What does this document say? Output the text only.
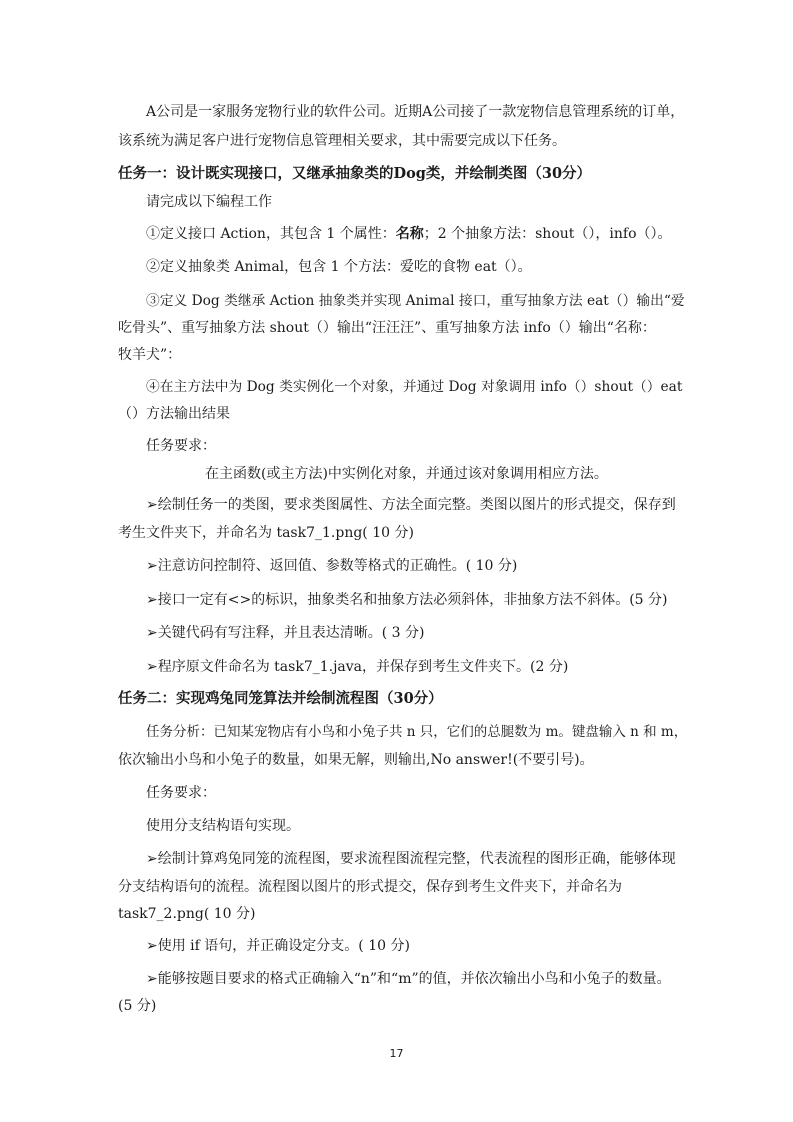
A公司是一家服务宠物行业的软件公司。近期A公司接了一款宠物信息管理系统的订单，
该系统为满足客户进行宠物信息管理相关要求，其中需要完成以下任务。
任务一：设计既实现接口，又继承抽象类的Dog类，并绘制类图（30分）
请完成以下编程工作
①定义接口 Action，其包含 1 个属性：名称；2 个抽象方法：shout（），info（）。
②定义抽象类 Animal，包含 1 个方法：爱吃的食物 eat（）。
③定义 Dog 类继承 Action 抽象类并实现 Animal 接口，重写抽象方法 eat（）输出“爱
吃骨头”、重写抽象方法 shout（）输出“汪汪汪”、重写抽象方法 info（）输出“名称：
牧羊犬”：
④在主方法中为 Dog 类实例化一个对象，并通过 Dog 对象调用 info（）shout（）eat
（）方法输出结果
任务要求：
在主函数(或主方法)中实例化对象，并通过该对象调用相应方法。
➢绘制任务一的类图，要求类图属性、方法全面完整。类图以图片的形式提交，保存到
考生文件夹下，并命名为 task7_1.png( 10 分)
➢注意访问控制符、返回值、参数等格式的正确性。( 10 分)
➢接口一定有<>的标识，抽象类名和抽象方法必须斜体，非抽象方法不斜体。(5 分)
➢关键代码有写注释，并且表达清晰。( 3 分)
➢程序原文件命名为 task7_1.java，并保存到考生文件夹下。(2 分)
任务二：实现鸡兔同笼算法并绘制流程图（30分）
任务分析：已知某宠物店有小鸟和小兔子共 n 只，它们的总腿数为 m。键盘输入 n 和 m，
依次输出小鸟和小兔子的数量，如果无解，则输出,No answer!(不要引号)。
任务要求：
使用分支结构语句实现。
➢绘制计算鸡兔同笼的流程图，要求流程图流程完整，代表流程的图形正确，能够体现
分支结构语句的流程。流程图以图片的形式提交，保存到考生文件夹下，并命名为
task7_2.png( 10 分)
➢使用 if 语句，并正确设定分支。( 10 分)
➢能够按题目要求的格式正确输入“n”和“m”的值，并依次输出小鸟和小兔子的数量。
(5 分)
17
